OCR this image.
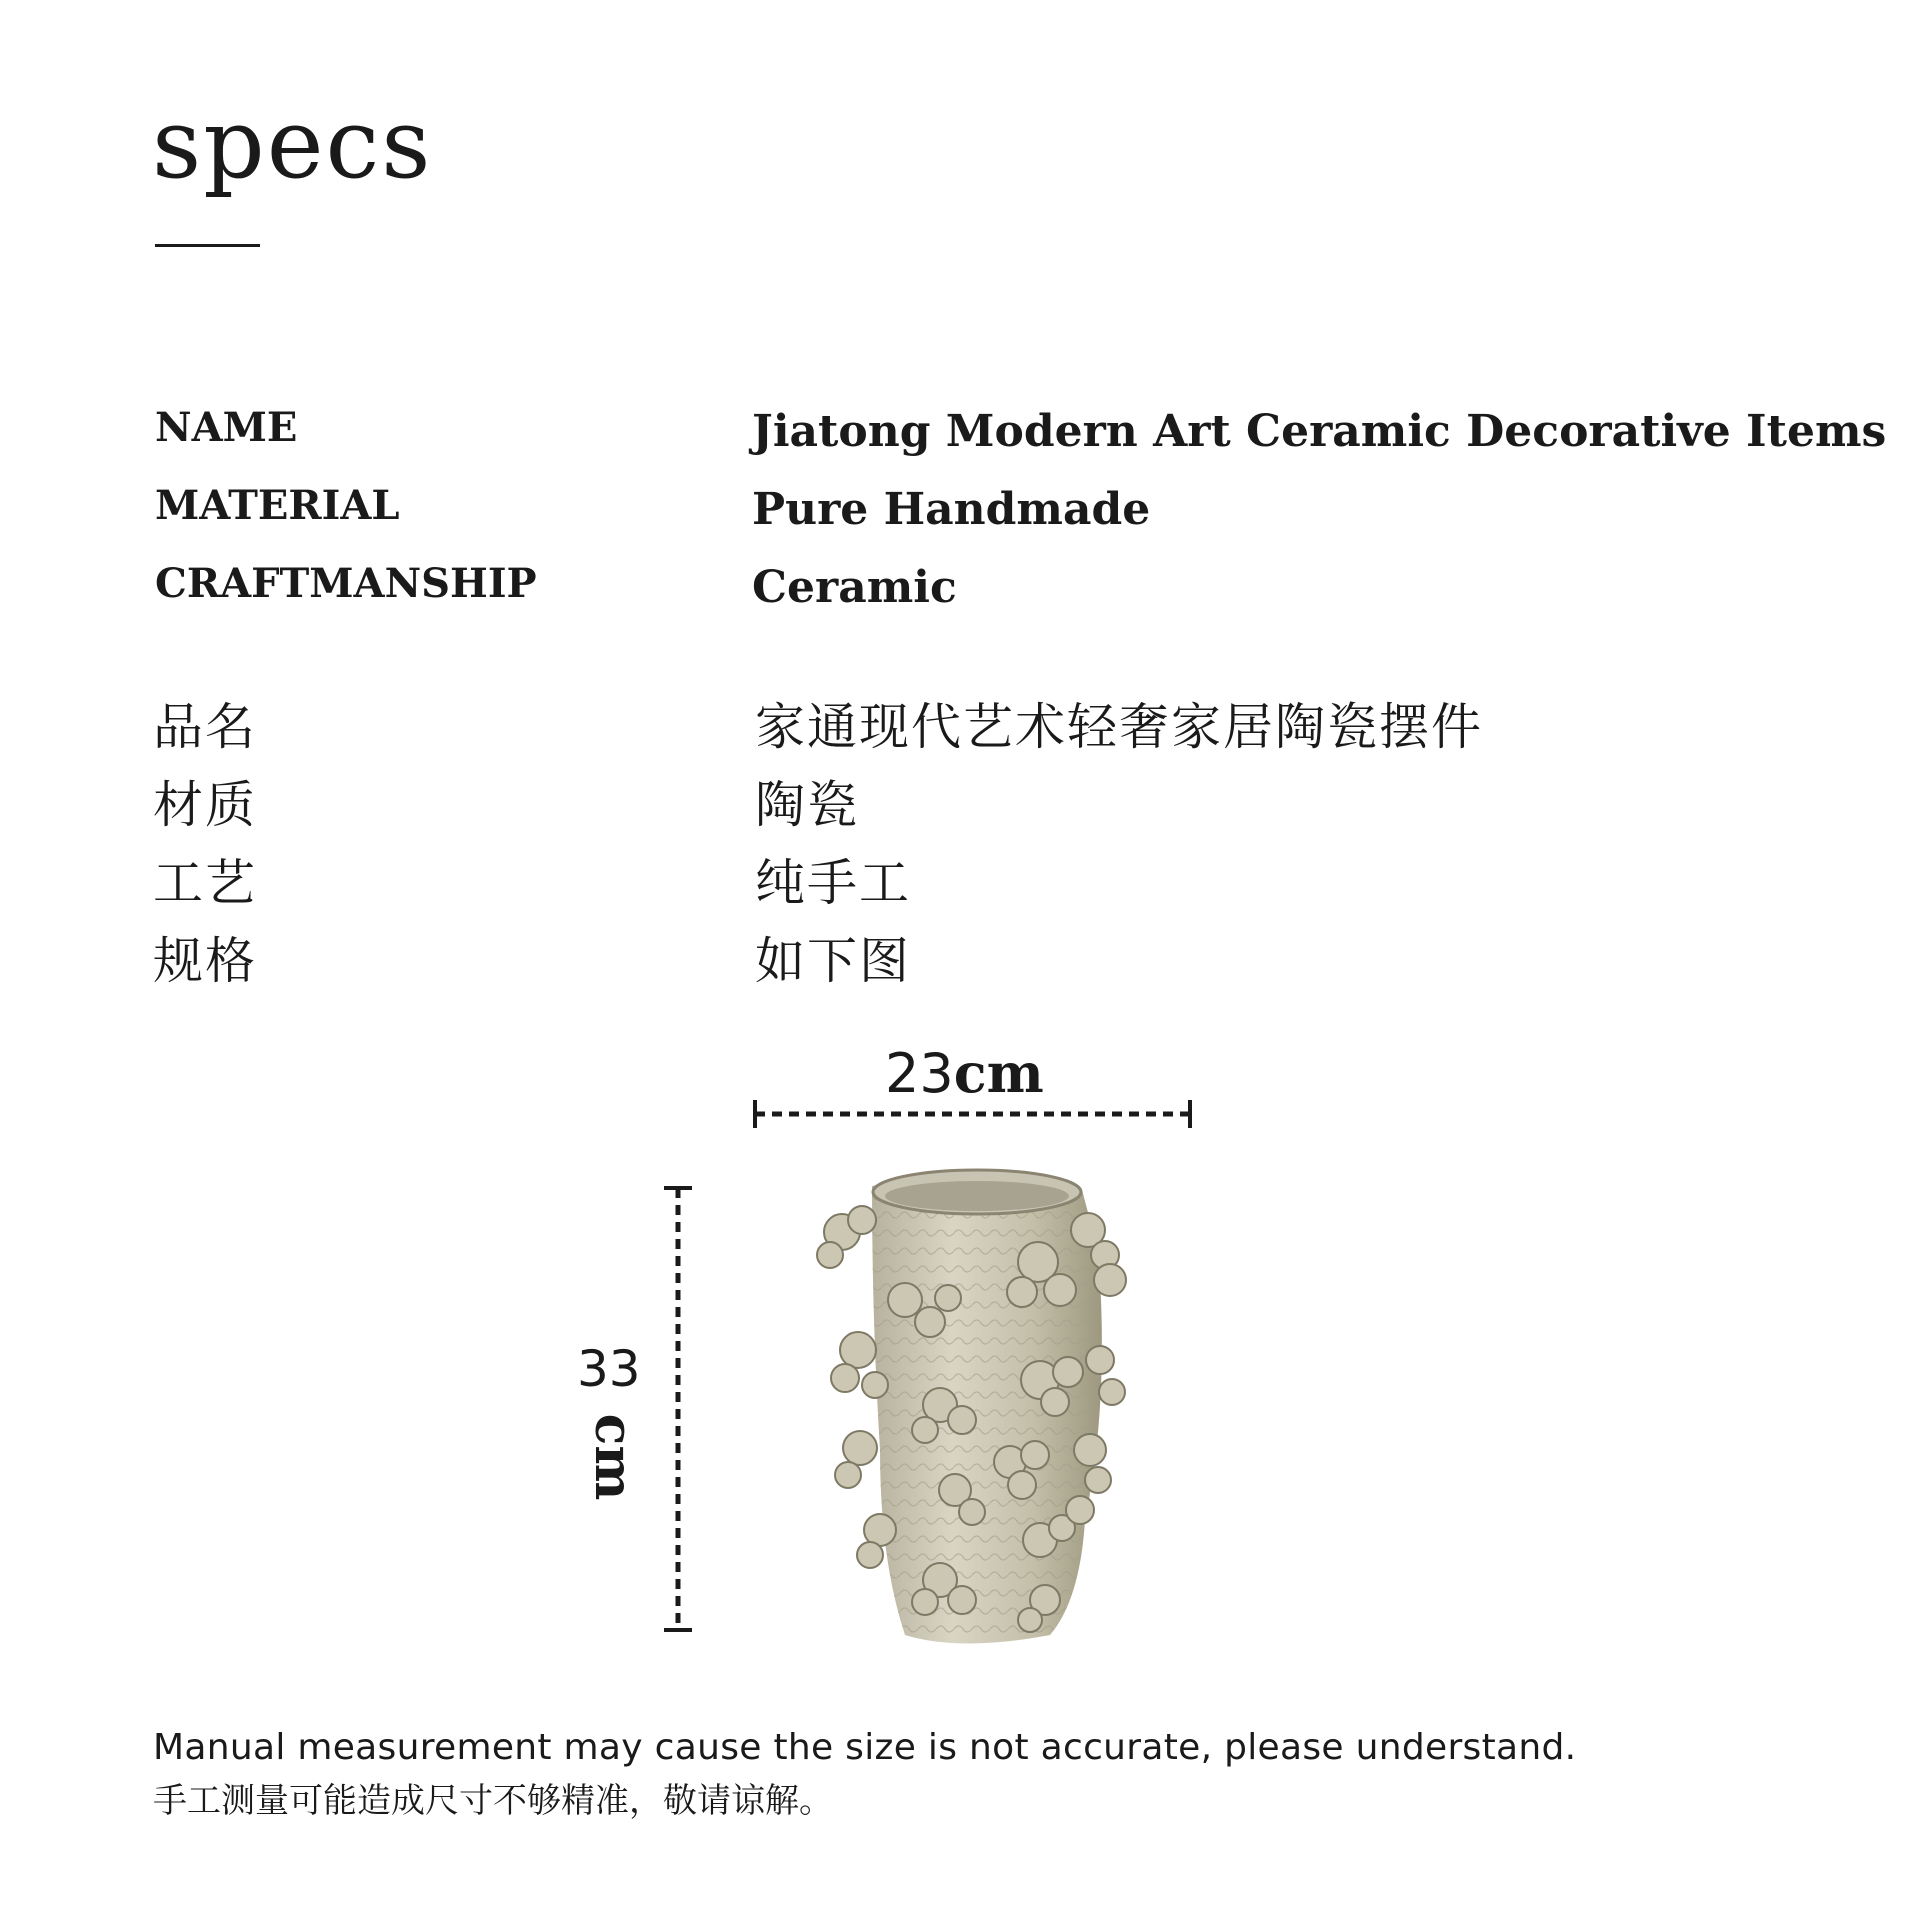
specs
NAME	Jiatong Modern Art Ceramic Decorative Items
MATERIAL	Pure Handmade
CRAFTMANSHIP	Ceramic
品名	家通现代艺术轻奢家居陶瓷摆件
材质	陶瓷
工艺	纯手工
规格	如下图
23cm
33
cm
Manual measurement may cause the size is not accurate, please understand.
手工测量可能造成尺寸不够精准，敬请谅解。
